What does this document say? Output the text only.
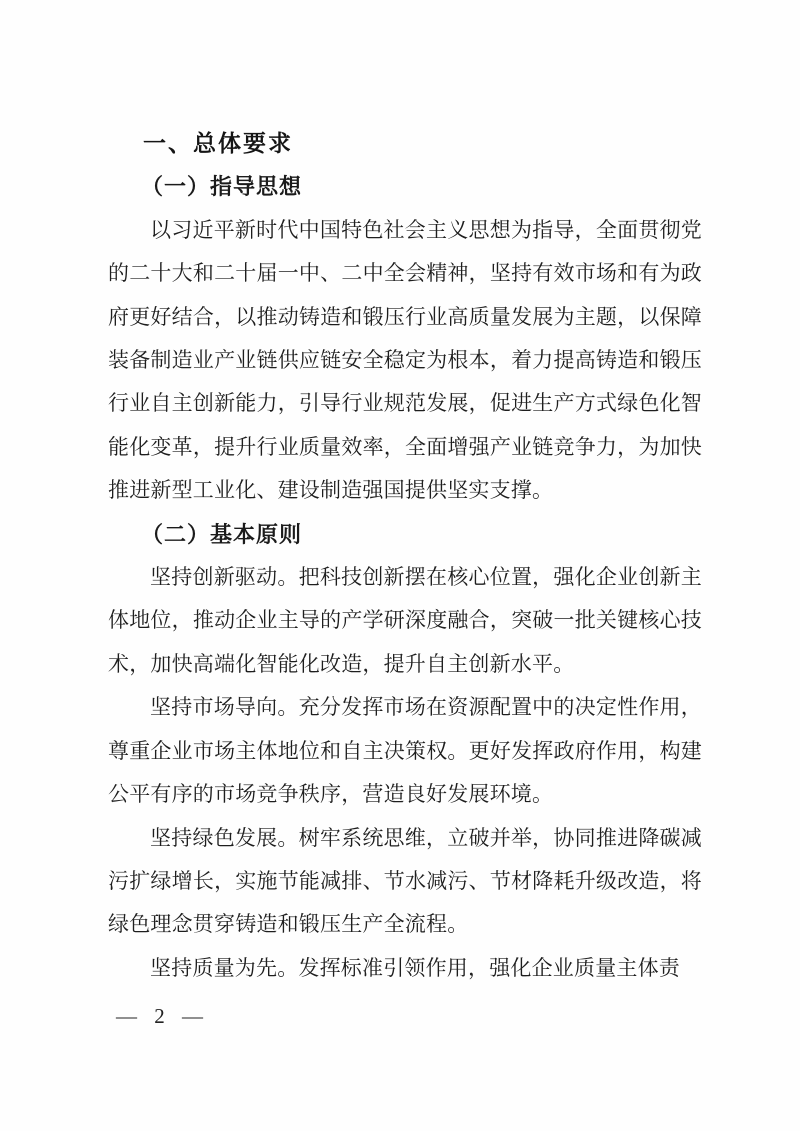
一、总体要求
（一）指导思想

以习近平新时代中国特色社会主义思想为指导，全面贯彻党的二十大和二十届一中、二中全会精神，坚持有效市场和有为政府更好结合，以推动铸造和锻压行业高质量发展为主题，以保障装备制造业产业链供应链安全稳定为根本，着力提高铸造和锻压行业自主创新能力，引导行业规范发展，促进生产方式绿色化智能化变革，提升行业质量效率，全面增强产业链竞争力，为加快推进新型工业化、建设制造强国提供坚实支撑。

（二）基本原则

坚持创新驱动。把科技创新摆在核心位置，强化企业创新主体地位，推动企业主导的产学研深度融合，突破一批关键核心技术，加快高端化智能化改造，提升自主创新水平。

坚持市场导向。充分发挥市场在资源配置中的决定性作用，尊重企业市场主体地位和自主决策权。更好发挥政府作用，构建公平有序的市场竞争秩序，营造良好发展环境。

坚持绿色发展。树牢系统思维，立破并举，协同推进降碳减污扩绿增长，实施节能减排、节水减污、节材降耗升级改造，将绿色理念贯穿铸造和锻压生产全流程。

坚持质量为先。发挥标准引领作用，强化企业质量主体责

— 2 —
